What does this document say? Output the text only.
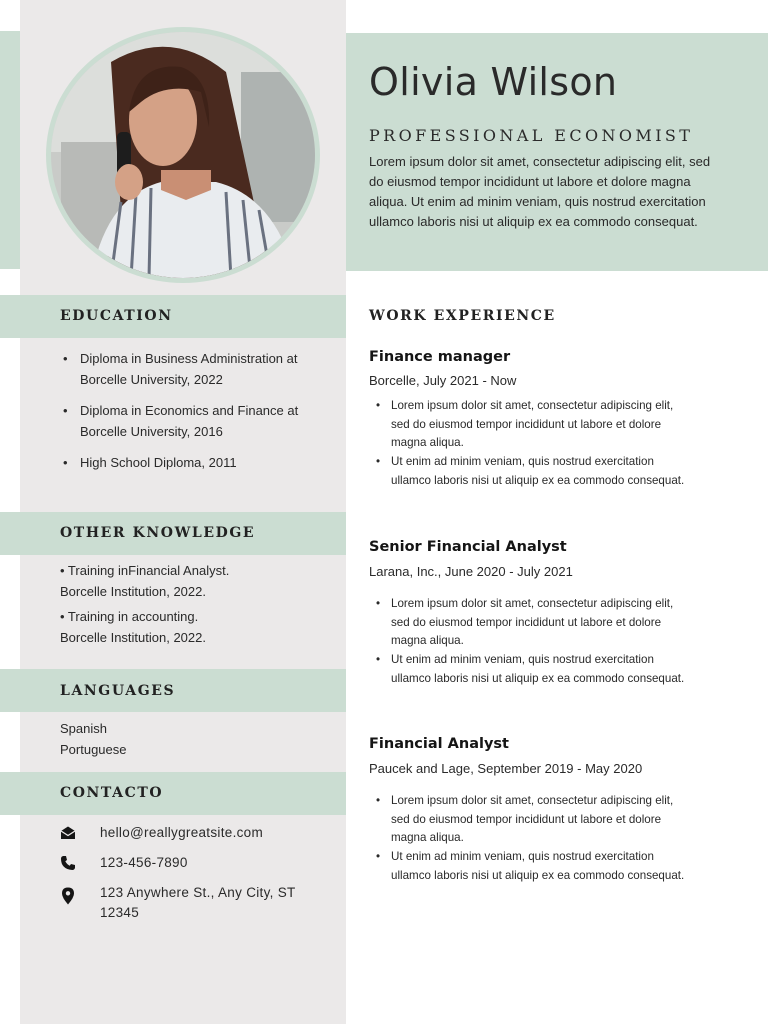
Olivia Wilson
PROFESSIONAL ECONOMIST
Lorem ipsum dolor sit amet, consectetur adipiscing elit, sed do eiusmod tempor incididunt ut labore et dolore magna aliqua. Ut enim ad minim veniam, quis nostrud exercitation ullamco laboris nisi ut aliquip ex ea commodo consequat.
EDUCATION
• Diploma in Business Administration at Borcelle University, 2022
• Diploma in Economics and Finance at Borcelle University, 2016
• High School Diploma, 2011
OTHER KNOWLEDGE
• Training inFinancial Analyst.
Borcelle Institution, 2022.
• Training in accounting.
Borcelle Institution, 2022.
LANGUAGES
Spanish
Portuguese
CONTACTO
hello@reallygreatsite.com
123-456-7890
123 Anywhere St., Any City, ST 12345
WORK EXPERIENCE
Finance manager
Borcelle, July 2021 - Now
• Lorem ipsum dolor sit amet, consectetur adipiscing elit, sed do eiusmod tempor incididunt ut labore et dolore magna aliqua.
• Ut enim ad minim veniam, quis nostrud exercitation ullamco laboris nisi ut aliquip ex ea commodo consequat.
Senior Financial Analyst
Larana, Inc., June 2020 - July 2021
• Lorem ipsum dolor sit amet, consectetur adipiscing elit, sed do eiusmod tempor incididunt ut labore et dolore magna aliqua.
• Ut enim ad minim veniam, quis nostrud exercitation ullamco laboris nisi ut aliquip ex ea commodo consequat.
Financial Analyst
Paucek and Lage, September 2019 - May 2020
• Lorem ipsum dolor sit amet, consectetur adipiscing elit, sed do eiusmod tempor incididunt ut labore et dolore magna aliqua.
• Ut enim ad minim veniam, quis nostrud exercitation ullamco laboris nisi ut aliquip ex ea commodo consequat.
